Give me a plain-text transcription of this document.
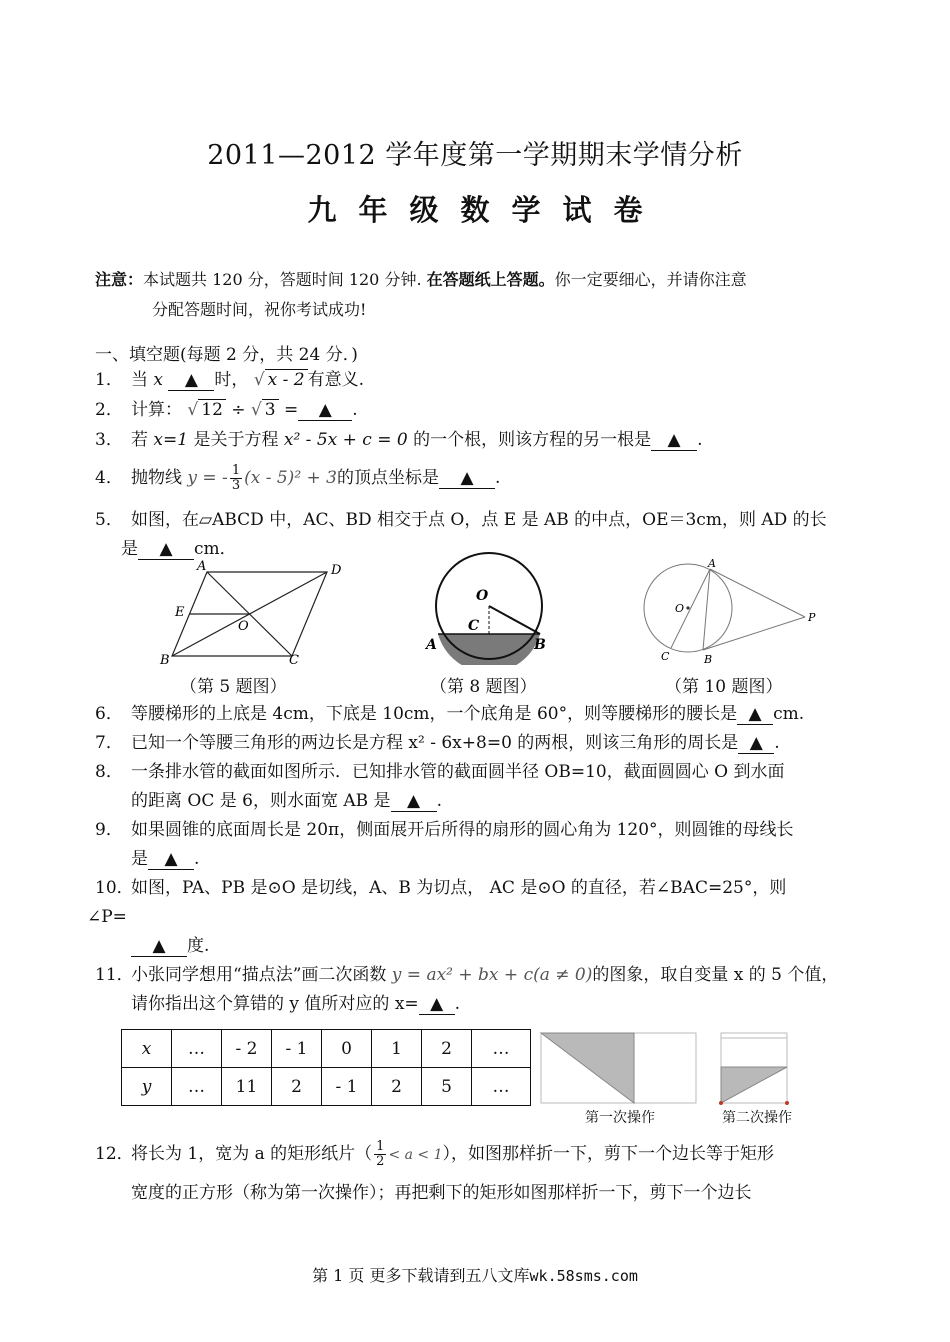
2011—2012 学年度第一学期期末学情分析
九年级数学试卷
注意：本试题共 120 分，答题时间 120 分钟. 在答题纸上答题。你一定要细心，并请你注意
分配答题时间，祝你考试成功!
一、填空题(每题 2 分，共 24 分．)
1． 当 x ▲ 时， √ x - 2 有意义.
2． 计算： √ 12 ÷ √ 3 = ▲ .
3． 若 x=1 是关于方程 x² - 5x + c = 0 的一个根，则该方程的另一根是 ▲ .
4． 抛物线 y = - $\frac{1}{3} (x - 5)^2 + 3$的顶点坐标是 ▲ .
5． 如图，在▱ABCD 中，AC、BD 相交于点 O，点 E 是 AB 的中点，OE＝3cm，则 AD 的长
是 ▲ cm．
A	D
E
O
B	C
O
C
A	B
A
O
P
C	B
（第 5 题图）	（第 8 题图）	（第 10 题图）
6． 等腰梯形的上底是 4cm，下底是 10cm，一个底角是 60°，则等腰梯形的腰长是 ▲ cm.
7． 已知一个等腰三角形的两边长是方程 x² - 6x+8=0 的两根，则该三角形的周长是 ▲ .
8． 一条排水管的截面如图所示．已知排水管的截面圆半径 OB=10，截面圆圆心 O 到水面
的距离 OC 是 6，则水面宽 AB 是 ▲ .
9． 如果圆锥的底面周长是 20π，侧面展开后所得的扇形的圆心角为 120°，则圆锥的母线长
是 ▲ .
10．如图，PA、PB 是⊙O 是切线，A、B 为切点， AC 是⊙O 的直径，若∠BAC=25°，则
∠P=
▲ 度.
11．小张同学想用“描点法”画二次函数 y = ax² + bx + c(a ≠ 0)的图象，取自变量 x 的 5 个值，
请你指出这个算错的 y 值所对应的 x= ▲ .
x	…	- 2	- 1	0	1	2	…
y	…	11	2	- 1	2	5	…
第一次操作	第二次操作
12．将长为 1，宽为 a 的矩形纸片（ $\frac{1}{2} < a < 1$），如图那样折一下，剪下一个边长等于矩形
宽度的正方形（称为第一次操作）；再把剩下的矩形如图那样折一下，剪下一个边长
第 1 页 更多下载请到五八文库wk.58sms.com
